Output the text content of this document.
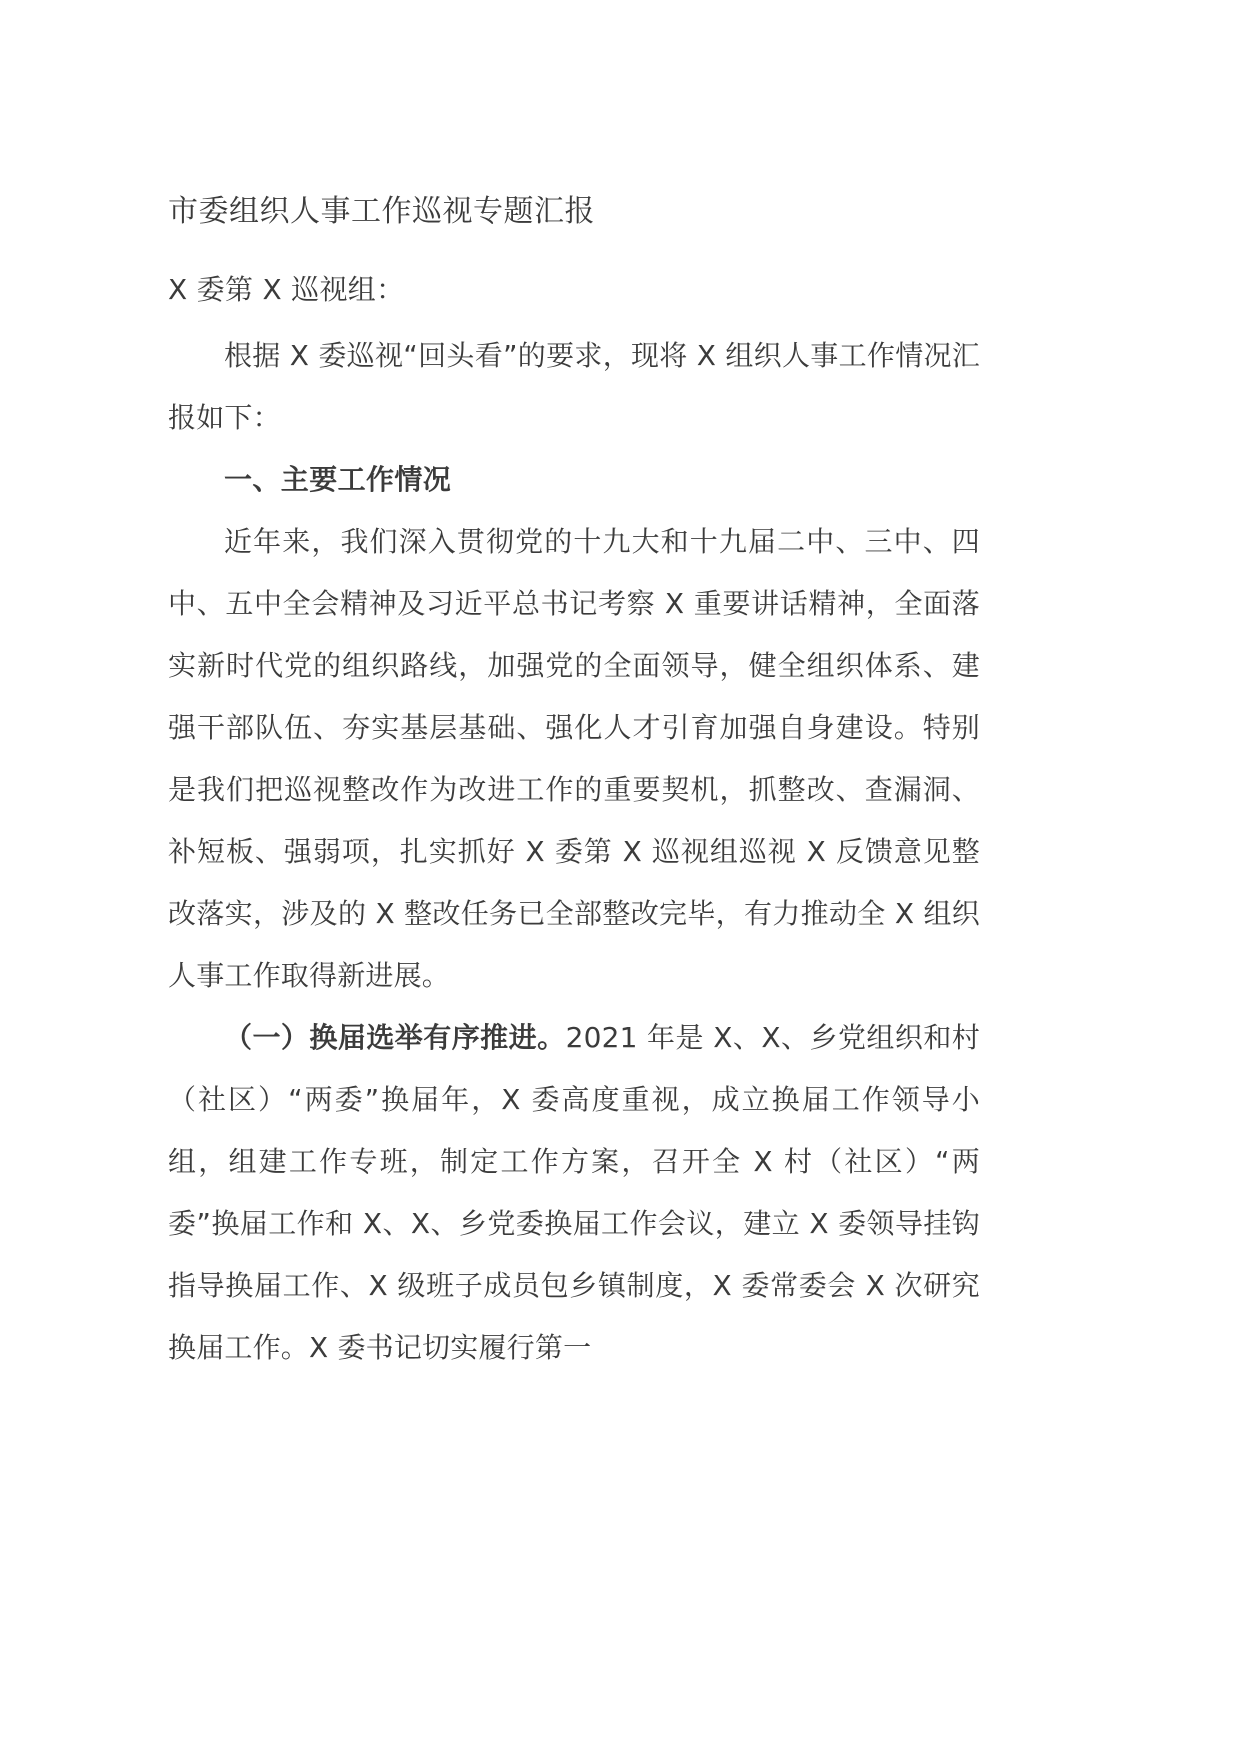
市委组织人事工作巡视专题汇报
X 委第 X 巡视组：

根据 X 委巡视“回头看”的要求，现将 X 组织人事工作情况汇报如下：

一、主要工作情况

近年来，我们深入贯彻党的十九大和十九届二中、三中、四中、五中全会精神及习近平总书记考察 X 重要讲话精神，全面落实新时代党的组织路线，加强党的全面领导，健全组织体系、建强干部队伍、夯实基层基础、强化人才引育加强自身建设。特别是我们把巡视整改作为改进工作的重要契机，抓整改、查漏洞、补短板、强弱项，扎实抓好 X 委第 X 巡视组巡视 X 反馈意见整改落实，涉及的 X 整改任务已全部整改完毕，有力推动全 X 组织人事工作取得新进展。

（一）换届选举有序推进。2021 年是 X、X、乡党组织和村（社区）“两委”换届年，X 委高度重视，成立换届工作领导小组，组建工作专班，制定工作方案，召开全 X 村（社区）“两委”换届工作和 X、X、乡党委换届工作会议，建立 X 委领导挂钩指导换届工作、X 级班子成员包乡镇制度，X 委常委会 X 次研究换届工作。X 委书记切实履行第一
